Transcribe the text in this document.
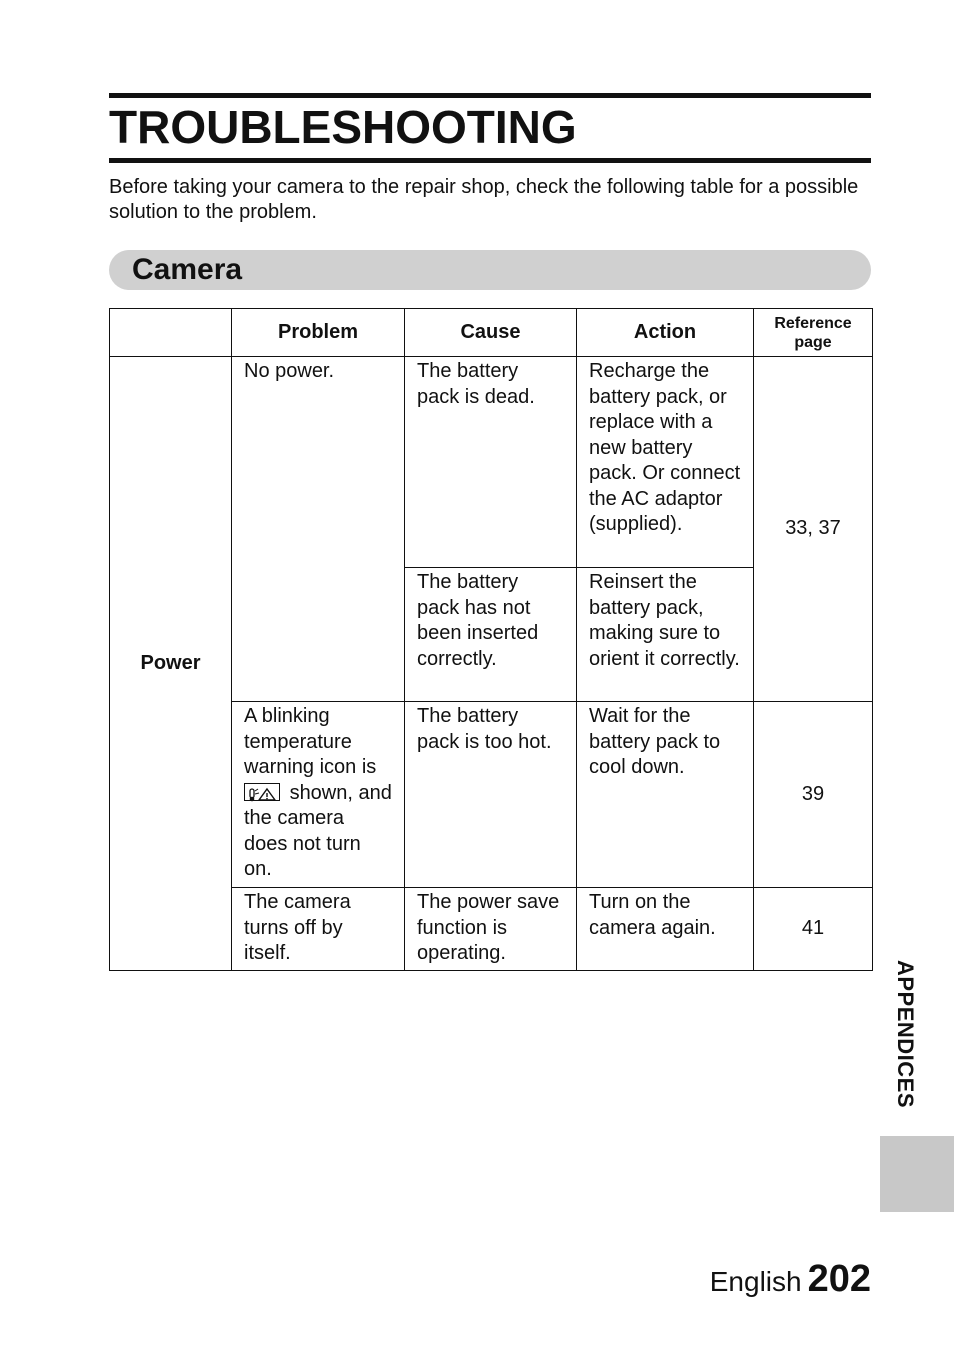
TROUBLESHOOTING

Before taking your camera to the repair shop, check the following table for a possible solution to the problem.

Camera
	Problem	Cause	Action	Reference page
Power	No power.	The battery pack is dead.	Recharge the battery pack, or replace with a new battery pack. Or connect the AC adaptor (supplied).	33, 37
		The battery pack has not been inserted correctly.	Reinsert the battery pack, making sure to orient it correctly.	
	A blinking temperature warning icon is  shown, and the camera does not turn on.	The battery pack is too hot.	Wait for the battery pack to cool down.	39
	The camera turns off by itself.	The power save function is operating.	Turn on the camera again.	41
APPENDICES
English 202
